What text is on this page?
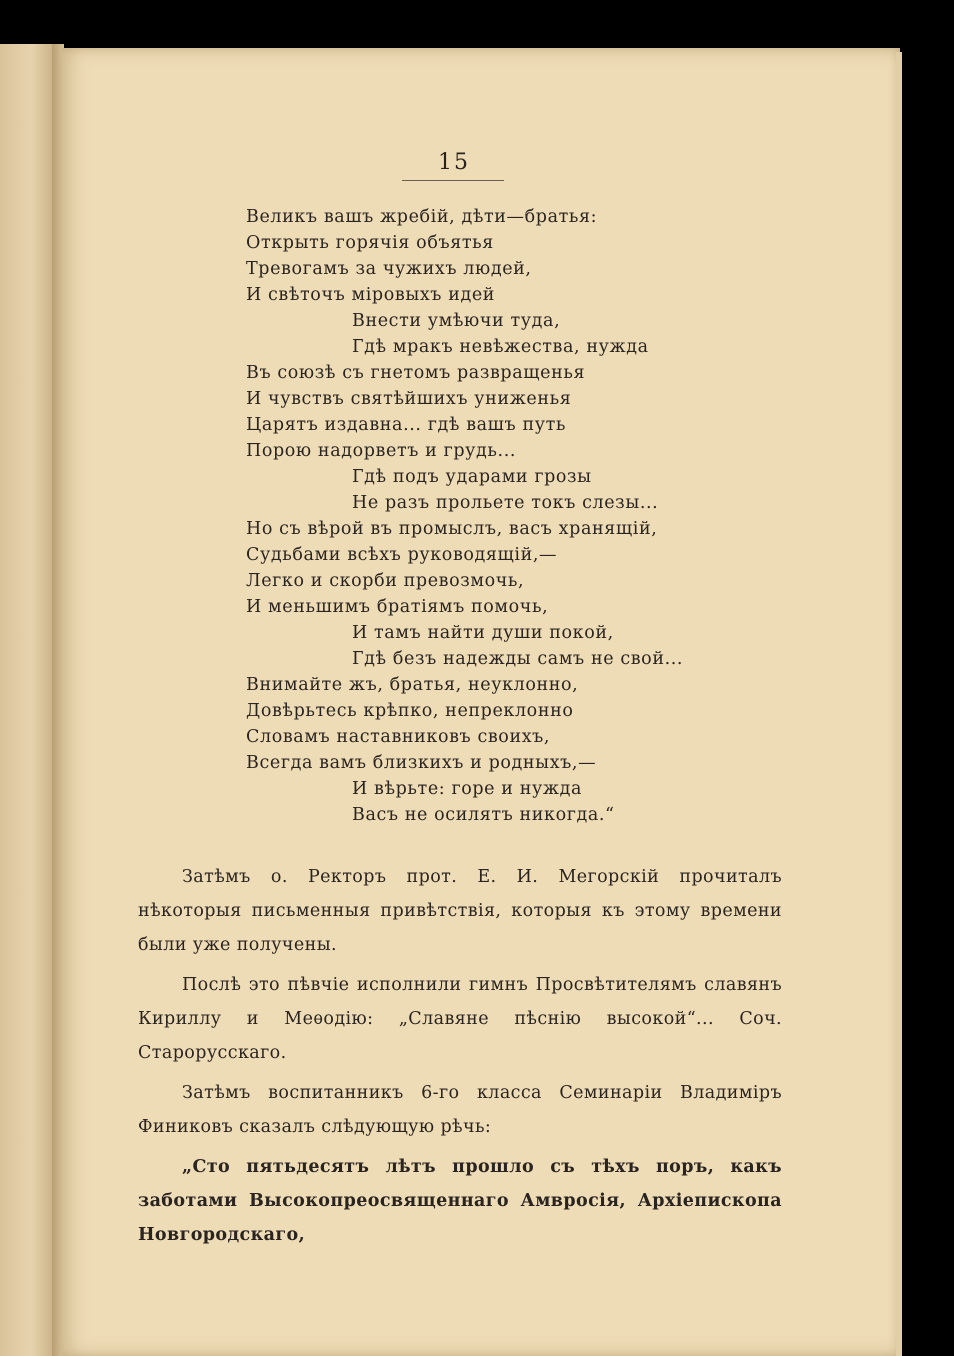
15
Великъ вашъ жребій, дѣти—братья:
Открыть горячія объятья
Тревогамъ за чужихъ людей,
И свѣточъ міровыхъ идей
Внести умѣючи туда,
Гдѣ мракъ невѣжества, нужда
Въ союзѣ съ гнетомъ развращенья
И чувствъ святѣйшихъ униженья
Царятъ издавна... гдѣ вашъ путь
Порою надорветъ и грудь...
Гдѣ подъ ударами грозы
Не разъ прольете токъ слезы...
Но съ вѣрой въ промыслъ, васъ хранящій,
Судьбами всѣхъ руководящій,—
Легко и скорби превозмочь,
И меньшимъ братіямъ помочь,
И тамъ найти души покой,
Гдѣ безъ надежды самъ не свой...
Внимайте жъ, братья, неуклонно,
Довѣрьтесь крѣпко, непреклонно
Словамъ наставниковъ своихъ,
Всегда вамъ близкихъ и родныхъ,—
И вѣрьте: горе и нужда
Васъ не осилятъ никогда.“

Затѣмъ о. Ректоръ прот. Е. И. Мегорскій прочиталъ нѣкоторыя письменныя привѣтствія, которыя къ этому времени были уже получены.

Послѣ это пѣвчіе исполнили гимнъ Просвѣтителямъ славянъ Кириллу и Меѳодію: „Славяне пѣснію высокой“... Соч. Старорусскаго.

Затѣмъ воспитанникъ 6-го класса Семинаріи Владиміръ Финиковъ сказалъ слѣдующую рѣчь:

„Сто пятьдесятъ лѣтъ прошло съ тѣхъ поръ, какъ заботами Высокопреосвященнаго Амвросія, Архіепископа Новгородскаго,
